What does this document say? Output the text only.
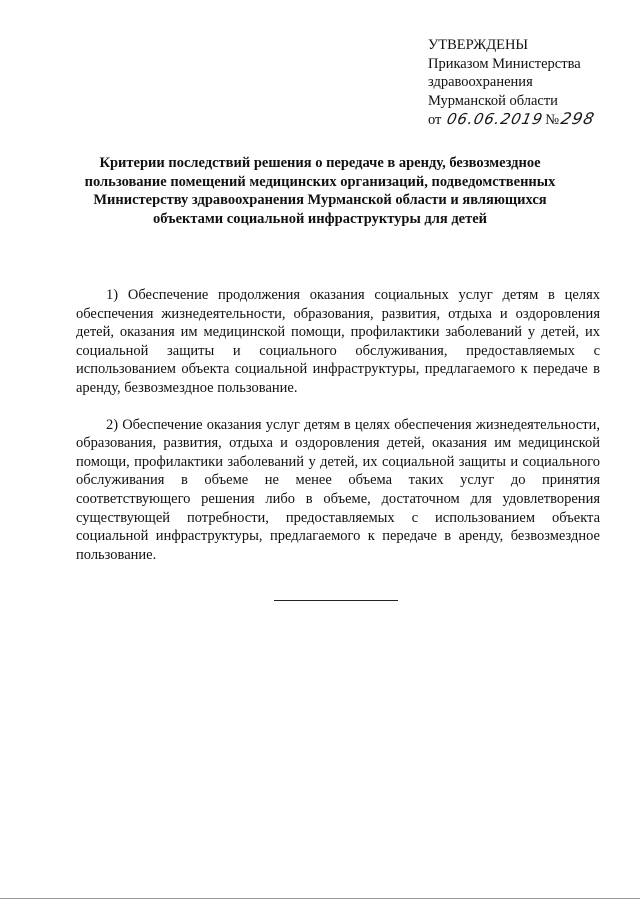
УТВЕРЖДЕНЫ
Приказом Министерства
здравоохранения
Мурманской области
от 06.06.2019 № 298
Критерии последствий решения о передаче в аренду, безвозмездное пользование помещений медицинских организаций, подведомственных Министерству здравоохранения Мурманской области и являющихся объектами социальной инфраструктуры для детей

1) Обеспечение продолжения оказания социальных услуг детям в целях обеспечения жизнедеятельности, образования, развития, отдыха и оздоровления детей, оказания им медицинской помощи, профилактики заболеваний у детей, их социальной защиты и социального обслуживания, предоставляемых с использованием объекта социальной инфраструктуры, предлагаемого к передаче в аренду, безвозмездное пользование.

2) Обеспечение оказания услуг детям в целях обеспечения жизнедеятельности, образования, развития, отдыха и оздоровления детей, оказания им медицинской помощи, профилактики заболеваний у детей, их социальной защиты и социального обслуживания в объеме не менее объема таких услуг до принятия соответствующего решения либо в объеме, достаточном для удовлетворения существующей потребности, предоставляемых с использованием объекта социальной инфраструктуры, предлагаемого к передаче в аренду, безвозмездное пользование.
